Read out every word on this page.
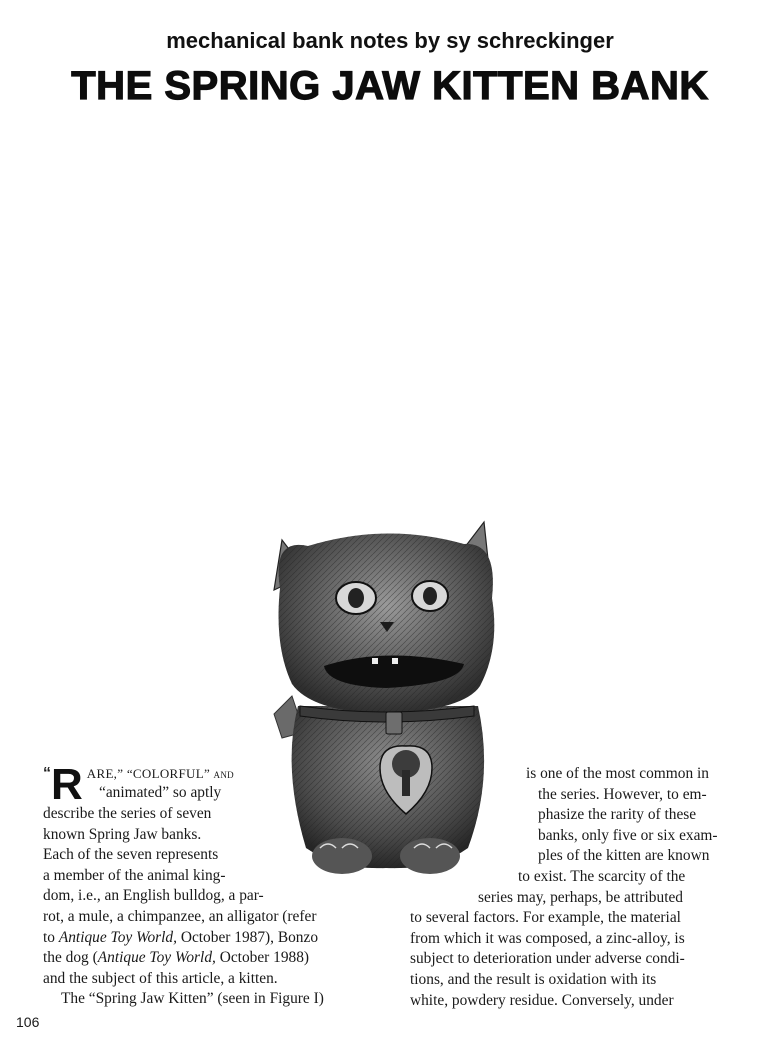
mechanical bank notes by sy schreckinger
THE SPRING JAW KITTEN BANK
“R ARE,” “COLORFUL” and
“animated” so aptly
describe the series of seven
known Spring Jaw banks.
Each of the seven represents
a member of the animal king-
dom, i.e., an English bulldog, a par-
rot, a mule, a chimpanzee, an alligator (refer
to Antique Toy World, October 1987), Bonzo
the dog (Antique Toy World, October 1988)
and the subject of this article, a kitten.
The “Spring Jaw Kitten” (seen in Figure I)
is one of the most common in
the series. However, to em-
phasize the rarity of these
banks, only five or six exam-
ples of the kitten are known
to exist. The scarcity of the
series may, perhaps, be attributed
to several factors. For example, the material
from which it was composed, a zinc-alloy, is
subject to deterioration under adverse condi-
tions, and the result is oxidation with its
white, powdery residue. Conversely, under
106
